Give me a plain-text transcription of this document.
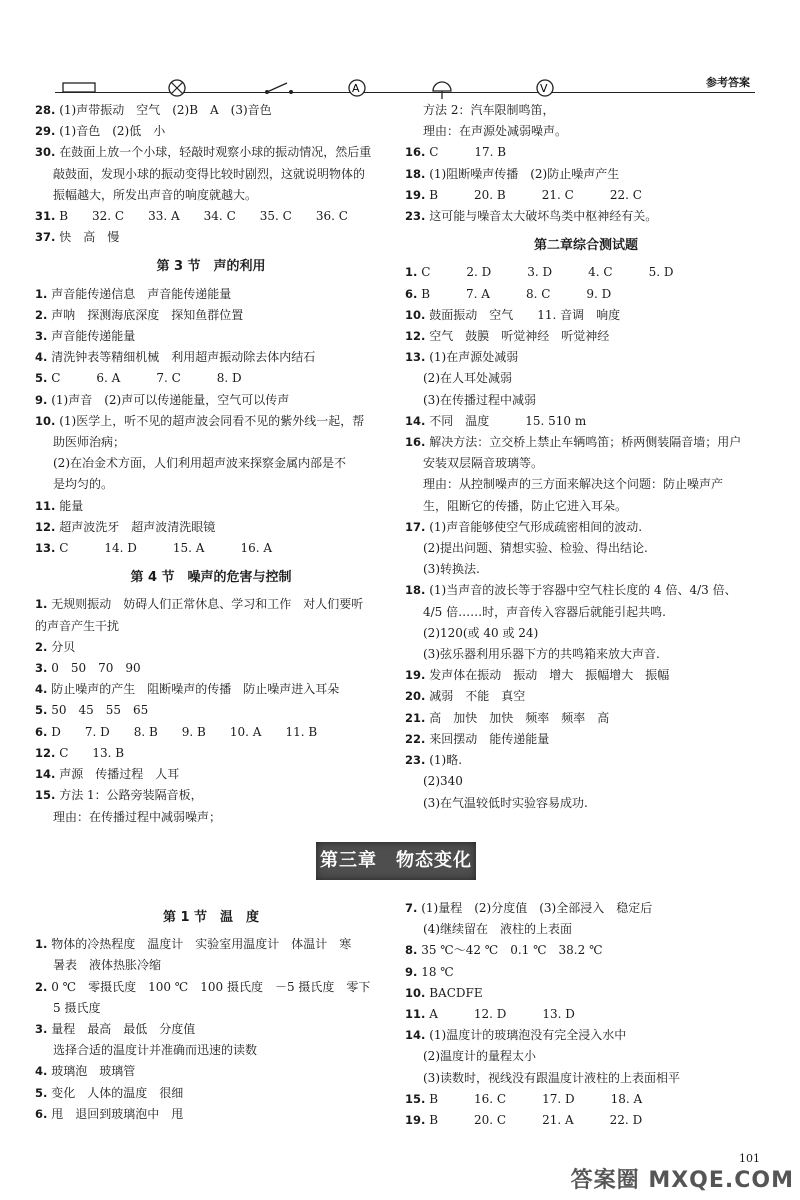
A	V	参考答案
28. (1)声带振动　空气　(2)B　A　(3)音色
29. (1)音色　(2)低　小
30. 在鼓面上放一个小球，轻敲时观察小球的振动情况，然后重
敲鼓面，发现小球的振动变得比较时剧烈，这就说明物体的
振幅越大，所发出声音的响度就越大。
31. B　　32. C　　33. A　　34. C　　35. C　　36. C
37. 快　高　慢
第 3 节　声的利用
1. 声音能传递信息　声音能传递能量
2. 声呐　探测海底深度　探知鱼群位置
3. 声音能传递能量
4. 清洗钟表等精细机械　利用超声振动除去体内结石
5. C　　　6. A　　　7. C　　　8. D
9. (1)声音　(2)声可以传递能量，空气可以传声
10. (1)医学上，听不见的超声波会同看不见的紫外线一起，帮
助医师治病；
(2)在冶金术方面，人们利用超声波来探察金属内部是不
是均匀的。
11. 能量
12. 超声波洗牙　超声波清洗眼镜
13. C　　　14. D　　　15. A　　　16. A
第 4 节　噪声的危害与控制
1. 无规则振动　妨碍人们正常休息、学习和工作　对人们要听
的声音产生干扰
2. 分贝
3. 0　50　70　90
4. 防止噪声的产生　阻断噪声的传播　防止噪声进入耳朵
5. 50　45　55　65
6. D　　7. D　　8. B　　9. B　　10. A　　11. B
12. C　　13. B
14. 声源　传播过程　人耳
15. 方法 1：公路旁装隔音板，
理由：在传播过程中减弱噪声；
方法 2：汽车限制鸣笛，
理由：在声源处减弱噪声。
16. C　　　17. B
18. (1)阻断噪声传播　(2)防止噪声产生
19. B　　　20. B　　　21. C　　　22. C
23. 这可能与噪音太大破坏鸟类中枢神经有关。
第二章综合测试题
1. C　　　2. D　　　3. D　　　4. C　　　5. D
6. B　　　7. A　　　8. C　　　9. D
10. 鼓面振动　空气　　11. 音调　响度
12. 空气　鼓膜　听觉神经　听觉神经
13. (1)在声源处减弱
(2)在人耳处减弱
(3)在传播过程中减弱
14. 不同　温度　　　15. 510 m
16. 解决方法：立交桥上禁止车辆鸣笛；桥两侧装隔音墙；用户
安装双层隔音玻璃等。
理由：从控制噪声的三方面来解决这个问题：防止噪声产
生，阻断它的传播，防止它进入耳朵。
17. (1)声音能够使空气形成疏密相间的波动.
(2)提出问题、猜想实验、检验、得出结论.
(3)转换法.
18. (1)当声音的波长等于容器中空气柱长度的 4 倍、4/3 倍、
4/5 倍……时，声音传入容器后就能引起共鸣.
(2)120(或 40 或 24)
(3)弦乐器利用乐器下方的共鸣箱来放大声音.
19. 发声体在振动　振动　增大　振幅增大　振幅
20. 减弱　不能　真空
21. 高　加快　加快　频率　频率　高
22. 来回摆动　能传递能量
23. (1)略.
(2)340
(3)在气温较低时实验容易成功.
第三章　物态变化
第 1 节　温　度
1. 物体的冷热程度　温度计　实验室用温度计　体温计　寒
暑表　液体热胀冷缩
2. 0 ℃　零摄氏度　100 ℃　100 摄氏度　－5 摄氏度　零下
5 摄氏度
3. 量程　最高　最低　分度值
选择合适的温度计并准确而迅速的读数
4. 玻璃泡　玻璃管
5. 变化　人体的温度　很细
6. 甩　退回到玻璃泡中　甩
7. (1)量程　(2)分度值　(3)全部浸入　稳定后
(4)继续留在　液柱的上表面
8. 35 ℃～42 ℃　0.1 ℃　38.2 ℃
9. 18 ℃
10. BACDFE
11. A　　　12. D　　　13. D
14. (1)温度计的玻璃泡没有完全浸入水中
(2)温度计的量程太小
(3)读数时，视线没有跟温度计液柱的上表面相平
15. B　　　16. C　　　17. D　　　18. A
19. B　　　20. C　　　21. A　　　22. D
101
答案圈 MXQE.COM
